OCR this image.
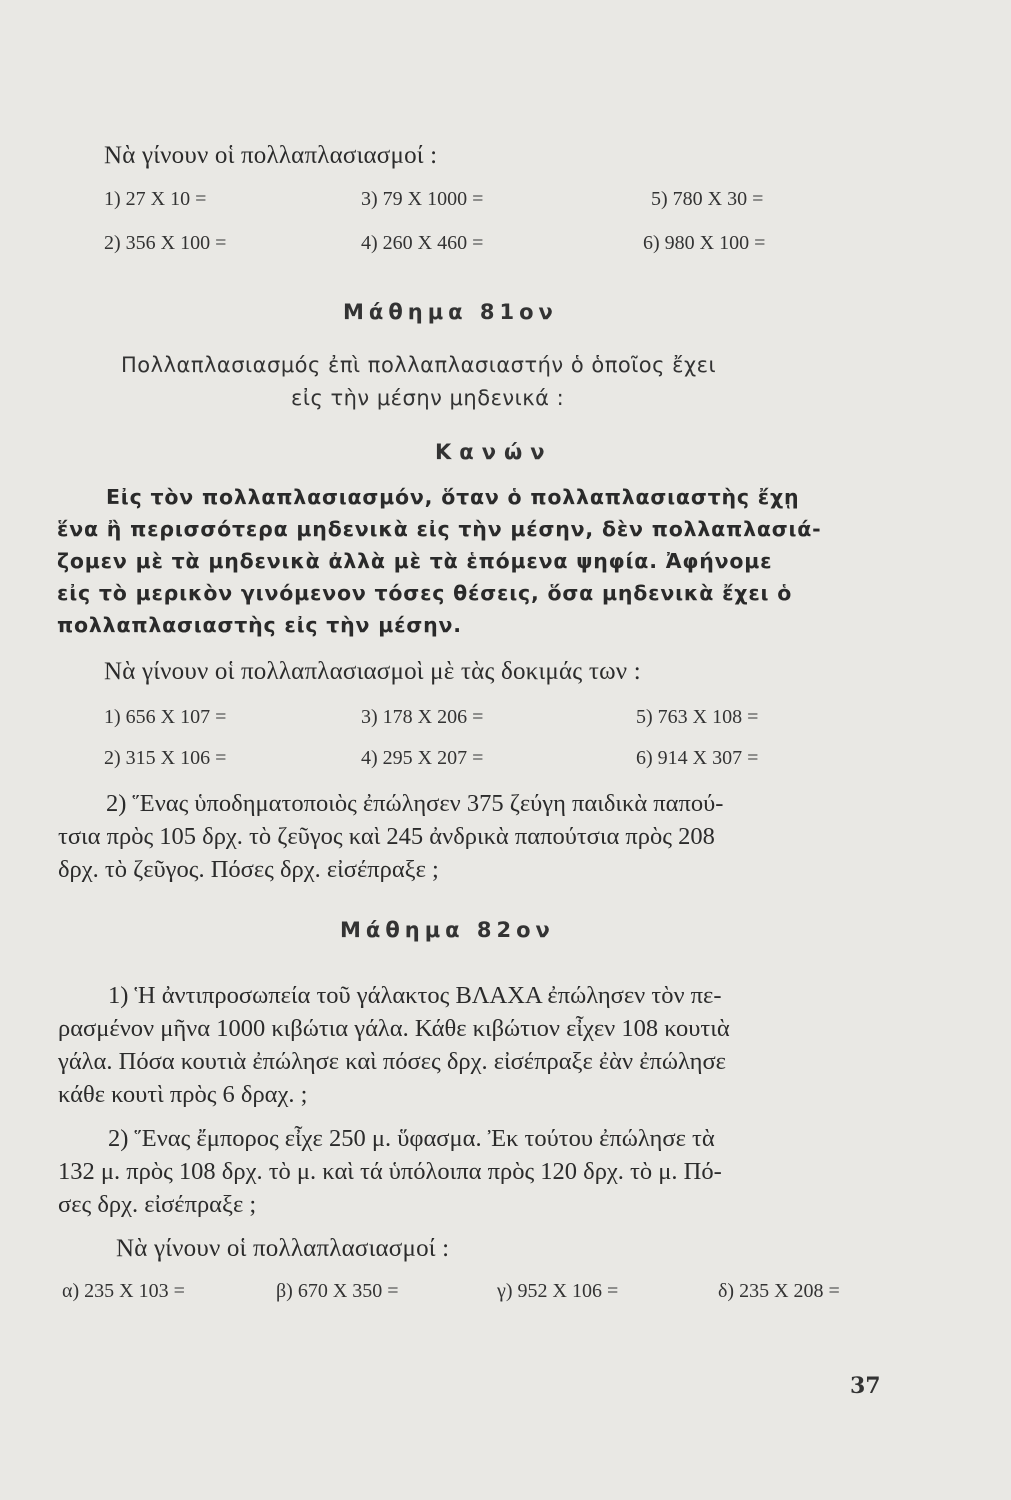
Νὰ γίνουν οἱ πολλαπλασιασμοί :
1) 27 X 10 =	3) 79 X 1000 =	5) 780 X 30 =
2) 356 X 100 =	4) 260 X 460 =	6) 980 X 100 =
Μάθημα 81ον
Πολλαπλασιασμός ἐπὶ πολλαπλασιαστήν ὁ ὁποῖος ἔχει
εἰς τὴν μέσην μηδενικά :
Κανών
Εἰς τὸν πολλαπλασιασμόν, ὅταν ὁ πολλαπλασιαστὴς ἔχῃ
ἕνα ἢ περισσότερα μηδενικὰ εἰς τὴν μέσην, δὲν πολλαπλασιά-
ζομεν μὲ τὰ μηδενικὰ ἀλλὰ μὲ τὰ ἑπόμενα ψηφία. Ἀφήνομε
εἰς τὸ μερικὸν γινόμενον τόσες θέσεις, ὅσα μηδενικὰ ἔχει ὁ
πολλαπλασιαστὴς εἰς τὴν μέσην.
Νὰ γίνουν οἱ πολλαπλασιασμοὶ μὲ τὰς δοκιμάς των :
1) 656 X 107 =	3) 178 X 206 =	5) 763 X 108 =
2) 315 X 106 =	4) 295 X 207 =	6) 914 X 307 =
2) Ἕνας ὑποδηματοποιὸς ἐπώλησεν 375 ζεύγη παιδικὰ παπού-
τσια πρὸς 105 δρχ. τὸ ζεῦγος καὶ 245 ἀνδρικὰ παπούτσια πρὸς 208
δρχ. τὸ ζεῦγος. Πόσες δρχ. εἰσέπραξε ;
Μάθημα 82ον
1) Ἡ ἀντιπροσωπεία τοῦ γάλακτος ΒΛΑΧΑ ἐπώλησεν τὸν πε-
ρασμένον μῆνα 1000 κιβώτια γάλα. Κάθε κιβώτιον εἶχεν 108 κουτιὰ
γάλα. Πόσα κουτιὰ ἐπώλησε καὶ πόσες δρχ. εἰσέπραξε ἐὰν ἐπώλησε
κάθε κουτὶ πρὸς 6 δραχ. ;
2) Ἕνας ἔμπορος εἶχε 250 μ. ὕφασμα. Ἐκ τούτου ἐπώλησε τὰ
132 μ. πρὸς 108 δρχ. τὸ μ. καὶ τά ὑπόλοιπα πρὸς 120 δρχ. τὸ μ. Πό-
σες δρχ. εἰσέπραξε ;
Νὰ γίνουν οἱ πολλαπλασιασμοί :
α) 235 X 103 =	β) 670 X 350 =	γ) 952 X 106 =	δ) 235 X 208 =
37
